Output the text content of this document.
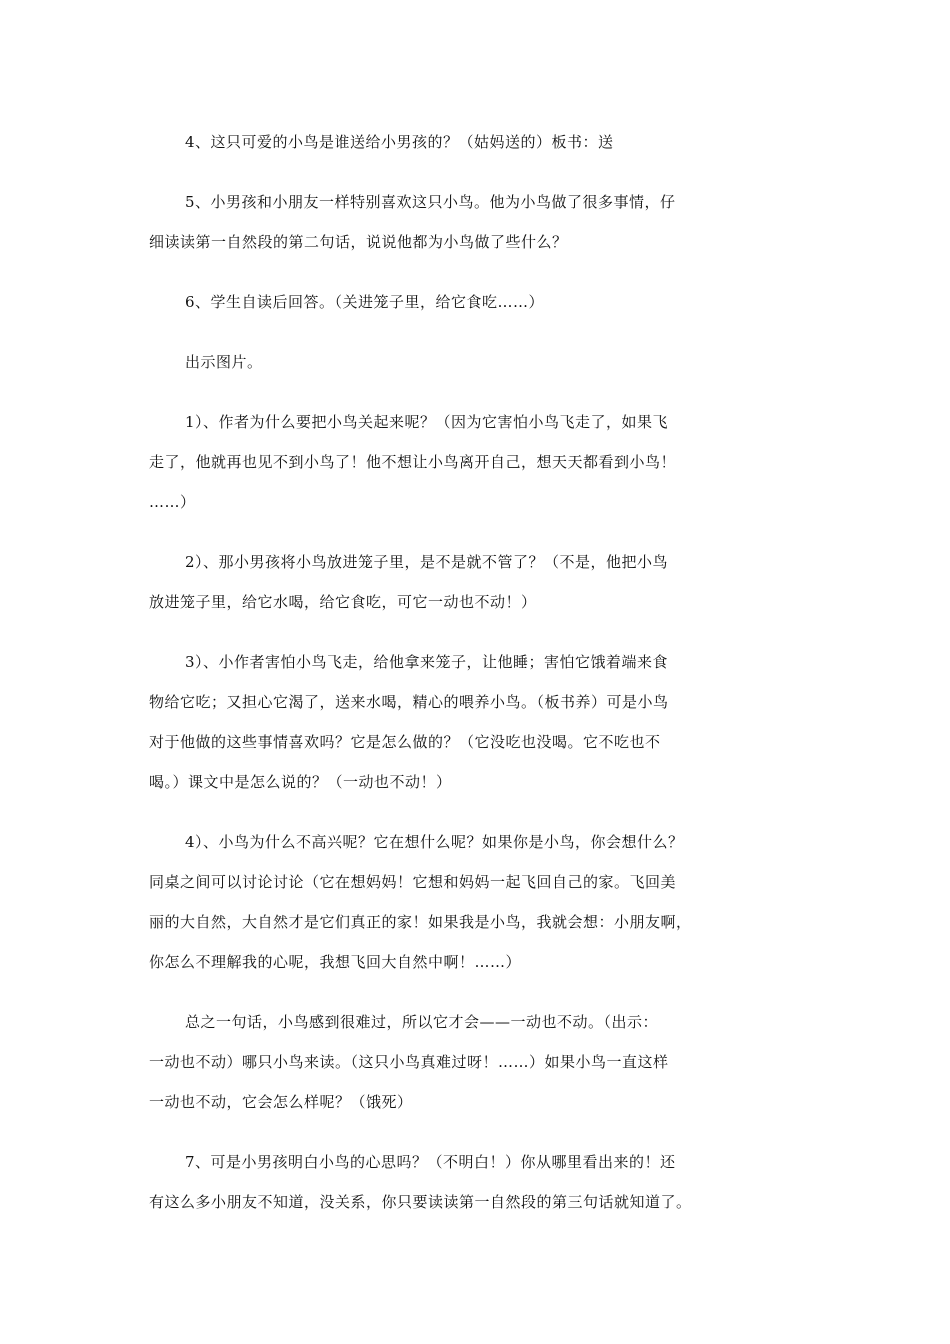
4、这只可爱的小鸟是谁送给小男孩的？（姑妈送的）板书：送
5、小男孩和小朋友一样特别喜欢这只小鸟。他为小鸟做了很多事情，仔
细读读第一自然段的第二句话，说说他都为小鸟做了些什么？
6、学生自读后回答。（关进笼子里，给它食吃……）
出示图片。
1）、作者为什么要把小鸟关起来呢？（因为它害怕小鸟飞走了，如果飞
走了，他就再也见不到小鸟了！他不想让小鸟离开自己，想天天都看到小鸟！
……）
2）、那小男孩将小鸟放进笼子里，是不是就不管了？（不是，他把小鸟
放进笼子里，给它水喝，给它食吃，可它一动也不动！）
3）、小作者害怕小鸟飞走，给他拿来笼子，让他睡；害怕它饿着端来食
物给它吃；又担心它渴了，送来水喝，精心的喂养小鸟。（板书养）可是小鸟
对于他做的这些事情喜欢吗？它是怎么做的？（它没吃也没喝。它不吃也不
喝。）课文中是怎么说的？（一动也不动！）
4）、小鸟为什么不高兴呢？它在想什么呢？如果你是小鸟，你会想什么？
同桌之间可以讨论讨论（它在想妈妈！它想和妈妈一起飞回自己的家。飞回美
丽的大自然，大自然才是它们真正的家！如果我是小鸟，我就会想：小朋友啊，
你怎么不理解我的心呢，我想飞回大自然中啊！……）
总之一句话，小鸟感到很难过，所以它才会——一动也不动。（出示：
一动也不动）哪只小鸟来读。（这只小鸟真难过呀！……）如果小鸟一直这样
一动也不动，它会怎么样呢？（饿死）
7、可是小男孩明白小鸟的心思吗？（不明白！）你从哪里看出来的！还
有这么多小朋友不知道，没关系，你只要读读第一自然段的第三句话就知道了。
